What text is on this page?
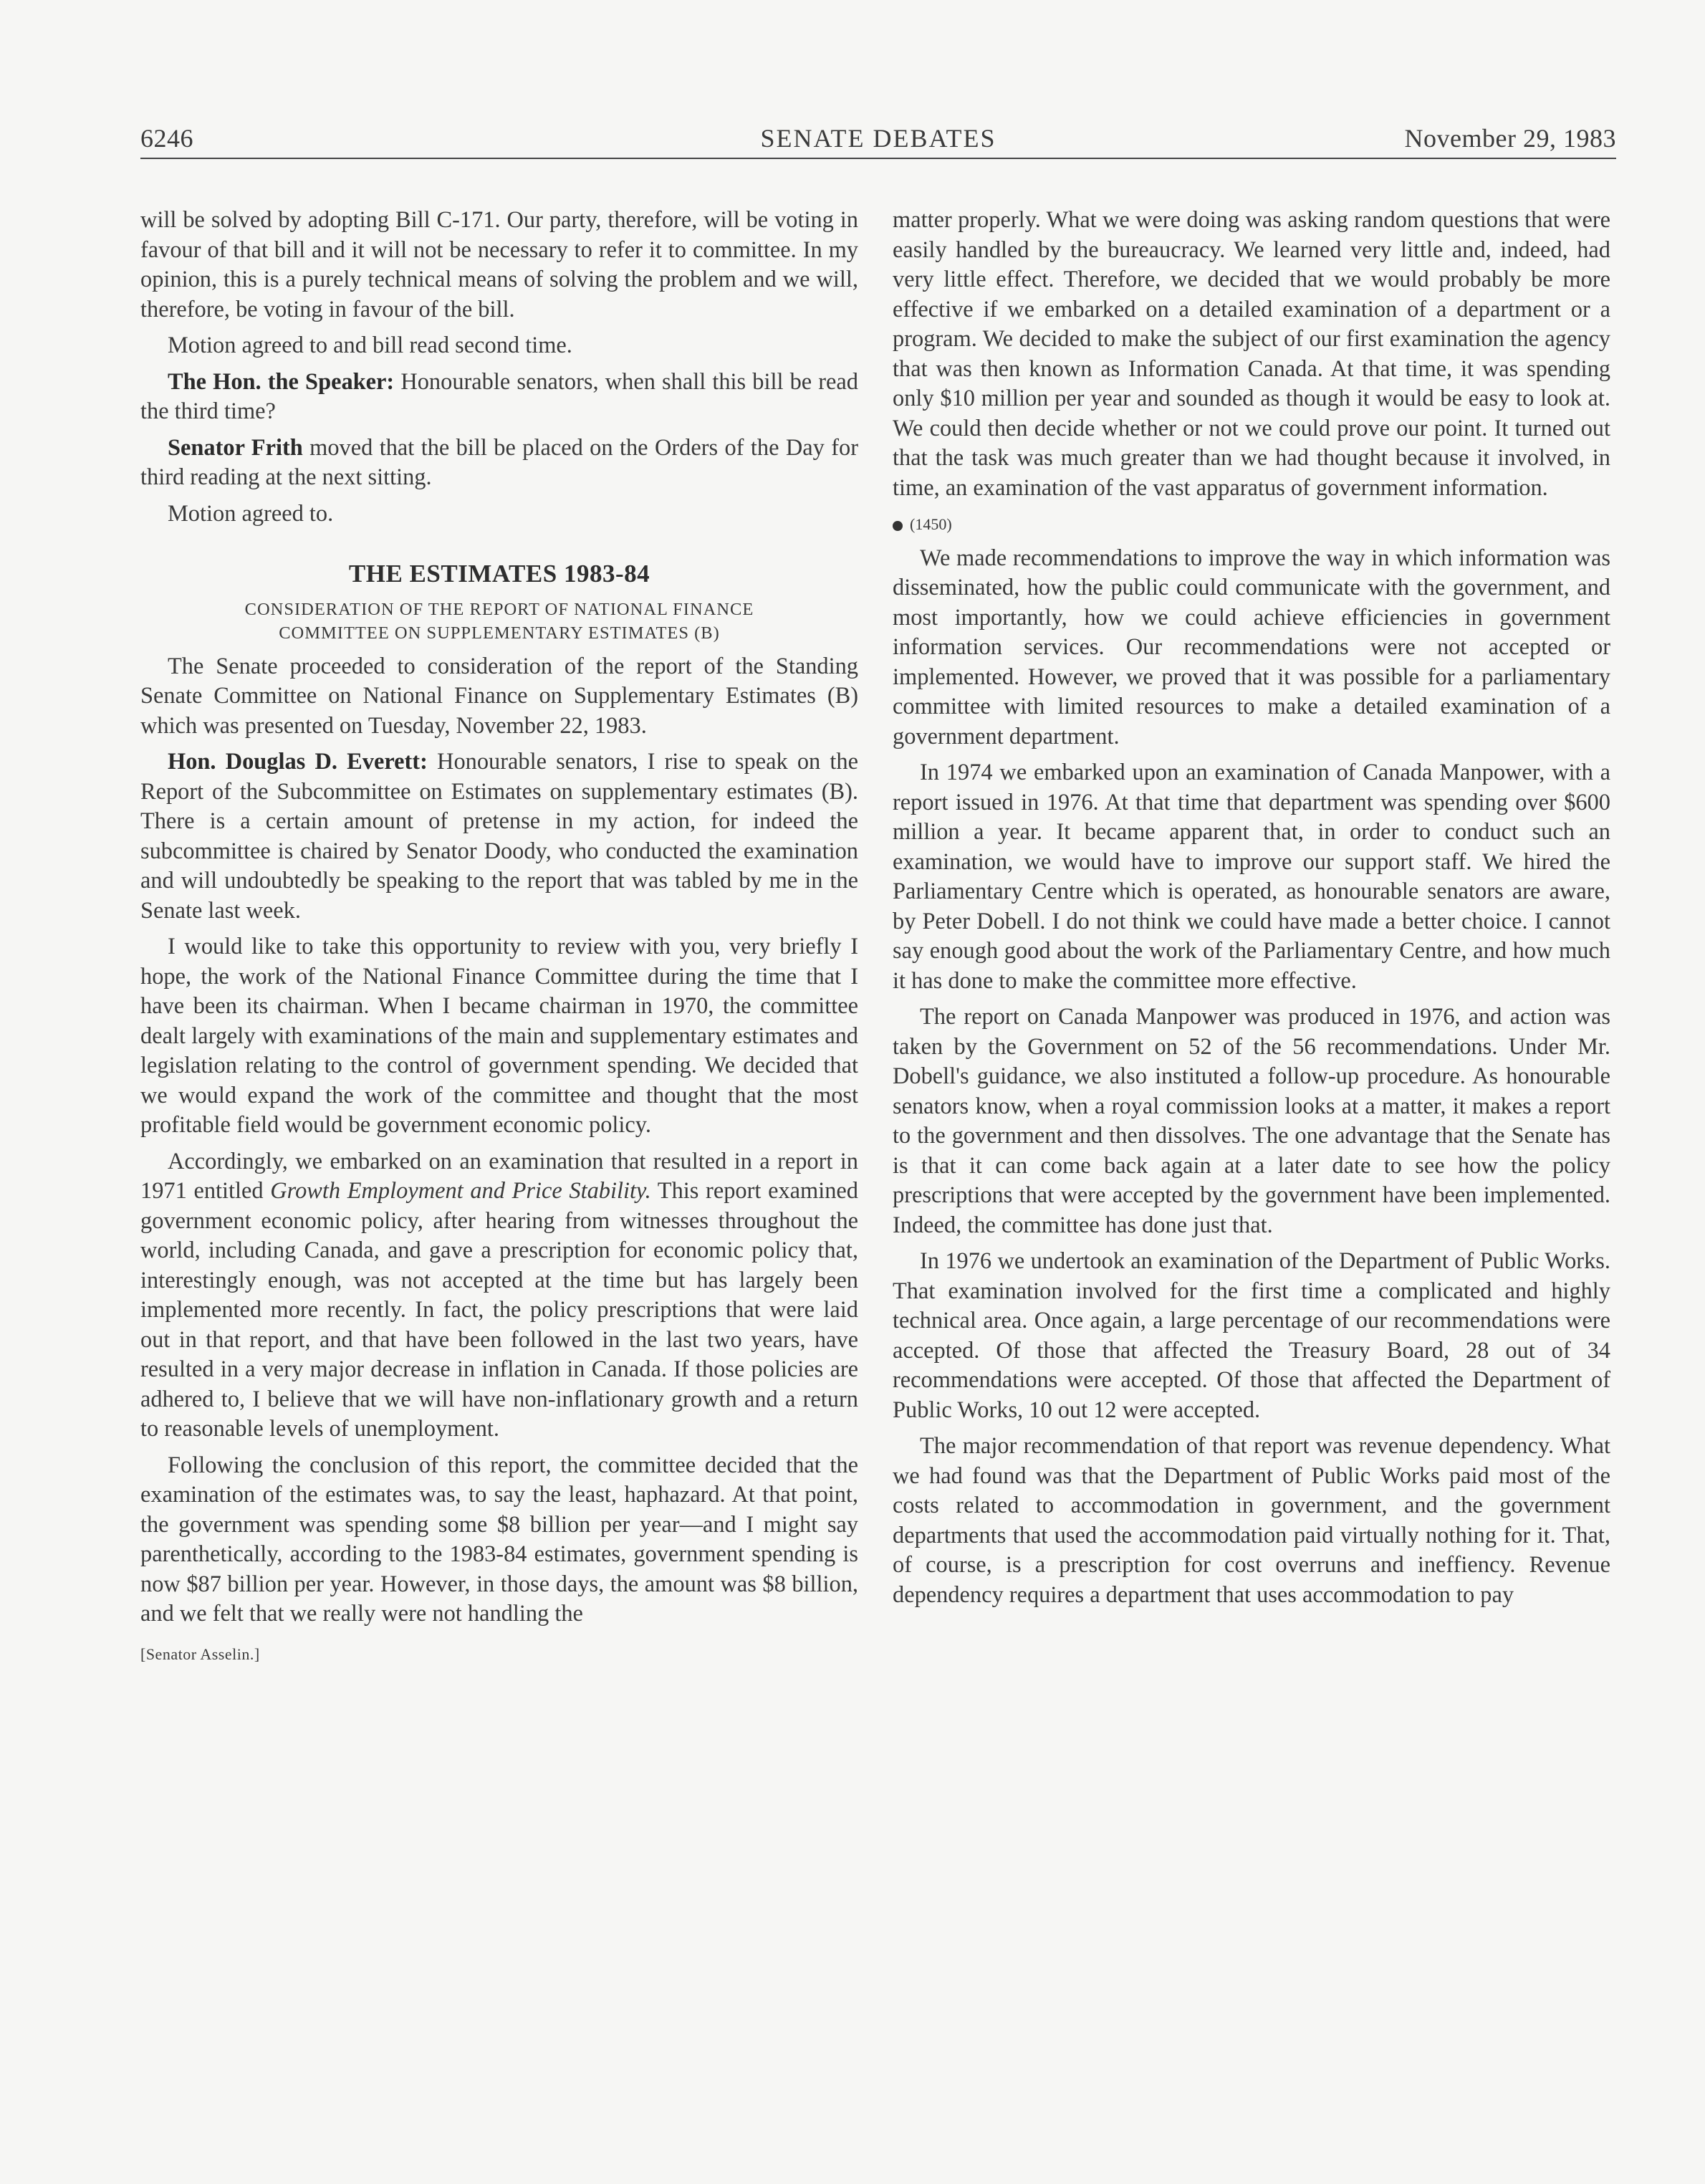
6246	SENATE DEBATES	November 29, 1983

will be solved by adopting Bill C-171. Our party, therefore, will be voting in favour of that bill and it will not be necessary to refer it to committee. In my opinion, this is a purely technical means of solving the problem and we will, therefore, be voting in favour of the bill.

Motion agreed to and bill read second time.

The Hon. the Speaker: Honourable senators, when shall this bill be read the third time?

Senator Frith moved that the bill be placed on the Orders of the Day for third reading at the next sitting.

Motion agreed to.

THE ESTIMATES 1983-84
CONSIDERATION OF THE REPORT OF NATIONAL FINANCE
COMMITTEE ON SUPPLEMENTARY ESTIMATES (B)

The Senate proceeded to consideration of the report of the Standing Senate Committee on National Finance on Supplementary Estimates (B) which was presented on Tuesday, November 22, 1983.

Hon. Douglas D. Everett: Honourable senators, I rise to speak on the Report of the Subcommittee on Estimates on supplementary estimates (B). There is a certain amount of pretense in my action, for indeed the subcommittee is chaired by Senator Doody, who conducted the examination and will undoubtedly be speaking to the report that was tabled by me in the Senate last week.

I would like to take this opportunity to review with you, very briefly I hope, the work of the National Finance Committee during the time that I have been its chairman. When I became chairman in 1970, the committee dealt largely with examinations of the main and supplementary estimates and legislation relating to the control of government spending. We decided that we would expand the work of the committee and thought that the most profitable field would be government economic policy.

Accordingly, we embarked on an examination that resulted in a report in 1971 entitled Growth Employment and Price Stability. This report examined government economic policy, after hearing from witnesses throughout the world, including Canada, and gave a prescription for economic policy that, interestingly enough, was not accepted at the time but has largely been implemented more recently. In fact, the policy prescriptions that were laid out in that report, and that have been followed in the last two years, have resulted in a very major decrease in inflation in Canada. If those policies are adhered to, I believe that we will have non-inflationary growth and a return to reasonable levels of unemployment.

Following the conclusion of this report, the committee decided that the examination of the estimates was, to say the least, haphazard. At that point, the government was spending some $8 billion per year—and I might say parenthetically, according to the 1983-84 estimates, government spending is now $87 billion per year. However, in those days, the amount was $8 billion, and we felt that we really were not handling the

[Senator Asselin.]

matter properly. What we were doing was asking random questions that were easily handled by the bureaucracy. We learned very little and, indeed, had very little effect. Therefore, we decided that we would probably be more effective if we embarked on a detailed examination of a department or a program. We decided to make the subject of our first examination the agency that was then known as Information Canada. At that time, it was spending only $10 million per year and sounded as though it would be easy to look at. We could then decide whether or not we could prove our point. It turned out that the task was much greater than we had thought because it involved, in time, an examination of the vast apparatus of government information.

(1450)

We made recommendations to improve the way in which information was disseminated, how the public could communicate with the government, and most importantly, how we could achieve efficiencies in government information services. Our recommendations were not accepted or implemented. However, we proved that it was possible for a parliamentary committee with limited resources to make a detailed examination of a government department.

In 1974 we embarked upon an examination of Canada Manpower, with a report issued in 1976. At that time that department was spending over $600 million a year. It became apparent that, in order to conduct such an examination, we would have to improve our support staff. We hired the Parliamentary Centre which is operated, as honourable senators are aware, by Peter Dobell. I do not think we could have made a better choice. I cannot say enough good about the work of the Parliamentary Centre, and how much it has done to make the committee more effective.

The report on Canada Manpower was produced in 1976, and action was taken by the Government on 52 of the 56 recommendations. Under Mr. Dobell's guidance, we also instituted a follow-up procedure. As honourable senators know, when a royal commission looks at a matter, it makes a report to the government and then dissolves. The one advantage that the Senate has is that it can come back again at a later date to see how the policy prescriptions that were accepted by the government have been implemented. Indeed, the committee has done just that.

In 1976 we undertook an examination of the Department of Public Works. That examination involved for the first time a complicated and highly technical area. Once again, a large percentage of our recommendations were accepted. Of those that affected the Treasury Board, 28 out of 34 recommendations were accepted. Of those that affected the Department of Public Works, 10 out 12 were accepted.

The major recommendation of that report was revenue dependency. What we had found was that the Department of Public Works paid most of the costs related to accommodation in government, and the government departments that used the accommodation paid virtually nothing for it. That, of course, is a prescription for cost overruns and ineffiency. Revenue dependency requires a department that uses accommodation to pay
